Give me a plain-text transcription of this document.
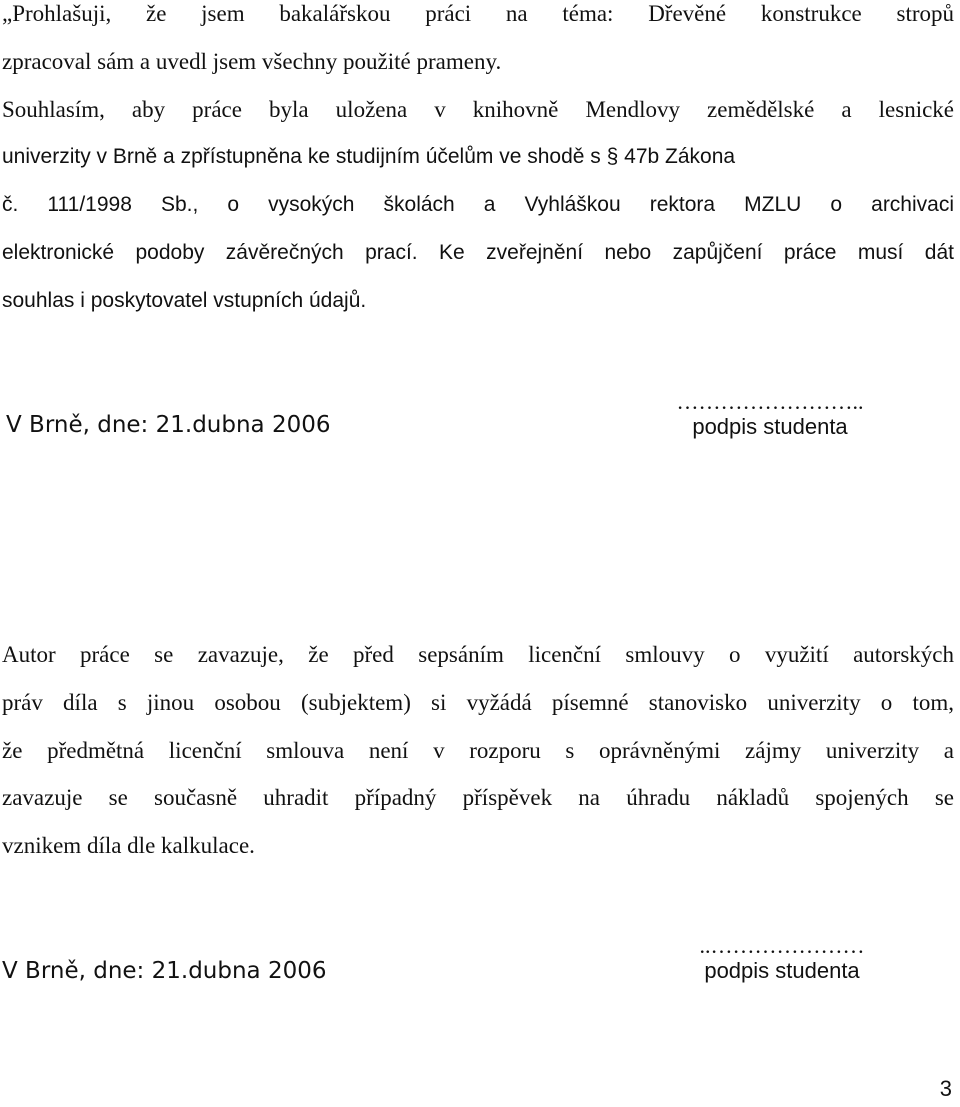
„Prohlašuji, že jsem bakalářskou práci na téma: Dřevěné konstrukce stropů
zpracoval sám a uvedl jsem všechny použité prameny.
Souhlasím, aby práce byla uložena v knihovně Mendlovy zemědělské a lesnické
univerzity v Brně a zpřístupněna ke studijním účelům ve shodě s § 47b Zákona
č. 111/1998 Sb., o vysokých školách a Vyhláškou rektora MZLU o archivaci
elektronické podoby závěrečných prací. Ke zveřejnění nebo zapůjčení práce musí dát
souhlas i poskytovatel vstupních údajů.
V Brně, dne: 21.dubna 2006
……………………..
podpis studenta
Autor práce se zavazuje, že před sepsáním licenční smlouvy o využití autorských
práv díla s jinou osobou (subjektem) si vyžádá písemné stanovisko univerzity o tom,
že předmětná licenční smlouva není v rozporu s oprávněnými zájmy univerzity a
zavazuje se současně uhradit případný příspěvek na úhradu nákladů spojených se
vznikem díla dle kalkulace.
V Brně, dne: 21.dubna 2006
..…………………
podpis studenta
3
